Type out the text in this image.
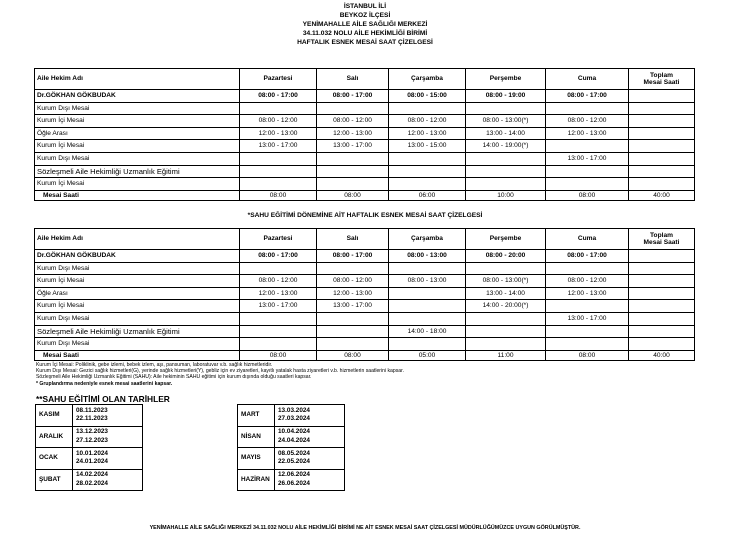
İSTANBUL İLİ
BEYKOZ İLÇESİ
YENİMAHALLE AİLE SAĞLIĞI MERKEZİ
34.11.032 NOLU AİLE HEKİMLİĞİ BİRİMİ
HAFTALIK ESNEK MESAİ SAAT ÇİZELGESİ
Aile Hekim Adı	Pazartesi	Salı	Çarşamba	Perşembe	Cuma	Toplam
Mesai Saati

Dr.GÖKHAN GÖKBUDAK	08:00 - 17:00	08:00 - 17:00	08:00 - 15:00	08:00 - 19:00	08:00 - 17:00	
Kurum Dışı Mesai						
Kurum İçi Mesai	08:00 - 12:00	08:00 - 12:00	08:00 - 12:00	08:00 - 13:00(*)	08:00 - 12:00	
Öğle Arası	12:00 - 13:00	12:00 - 13:00	12:00 - 13:00	13:00 - 14:00	12:00 - 13:00	
Kurum İçi Mesai	13:00 - 17:00	13:00 - 17:00	13:00 - 15:00	14:00 - 19:00(*)		
Kurum Dışı Mesai					13:00 - 17:00	
Sözleşmeli Aile Hekimliği Uzmanlık Eğitimi						
Kurum İçi Mesai						
Mesai Saati	08:00	08:00	06:00	10:00	08:00	40:00
*SAHU EĞİTİMİ DÖNEMİNE AİT HAFTALIK ESNEK MESAİ SAAT ÇİZELGESİ
Aile Hekim Adı	Pazartesi	Salı	Çarşamba	Perşembe	Cuma	Toplam
Mesai Saati

Dr.GÖKHAN GÖKBUDAK	08:00 - 17:00	08:00 - 17:00	08:00 - 13:00	08:00 - 20:00	08:00 - 17:00	
Kurum Dışı Mesai						
Kurum İçi Mesai	08:00 - 12:00	08:00 - 12:00	08:00 - 13:00	08:00 - 13:00(*)	08:00 - 12:00	
Öğle Arası	12:00 - 13:00	12:00 - 13:00		13:00 - 14:00	12:00 - 13:00	
Kurum İçi Mesai	13:00 - 17:00	13:00 - 17:00		14:00 - 20:00(*)		
Kurum Dışı Mesai					13:00 - 17:00	
Sözleşmeli Aile Hekimliği Uzmanlık Eğitimi			14:00 - 18:00			
Kurum Dışı Mesai						
Mesai Saati	08:00	08:00	05:00	11:00	08:00	40:00
Kurum İçi Mesai: Poliklinik, gebe izlemi, bebek izlem, aşı, pansuman, laboratuvar v.b. sağlık hizmetleridir.
Kurum Dışı Mesai: Gezici sağlık hizmetleri(G), yerinde sağlık hizmetleri(Y), gebliz için ev ziyaretleri, kayıtlı yatalak hasta ziyaretleri v.b. hizmetlerin saatlerini kapsar.
Sözleşmeli Aile Hekimliği Uzmanlık Eğitimi (SAHU): Aile hekiminin SAHU eğitimi için kurum dışında olduğu saatleri kapsar.
* Gruplandırma nedeniyle esnek mesai saatlerini kapsar.
**SAHU EĞİTİMİ OLAN TARİHLER
KASIM	08.11.2023
22.11.2023

ARALIK	13.12.2023
27.12.2023

OCAK	10.01.2024
24.01.2024

ŞUBAT	14.02.2024
28.02.2024
MART	13.03.2024
27.03.2024

NİSAN	10.04.2024
24.04.2024

MAYIS	08.05.2024
22.05.2024

HAZİRAN	12.06.2024
26.06.2024
YENİMAHALLE AİLE SAĞLIĞI MERKEZİ 34.11.032 NOLU AİLE HEKİMLİĞİ BİRİMİ NE AİT ESNEK MESAİ SAAT ÇİZELGESİ MÜDÜRLÜĞÜMÜZCE UYGUN GÖRÜLMÜŞTÜR.
